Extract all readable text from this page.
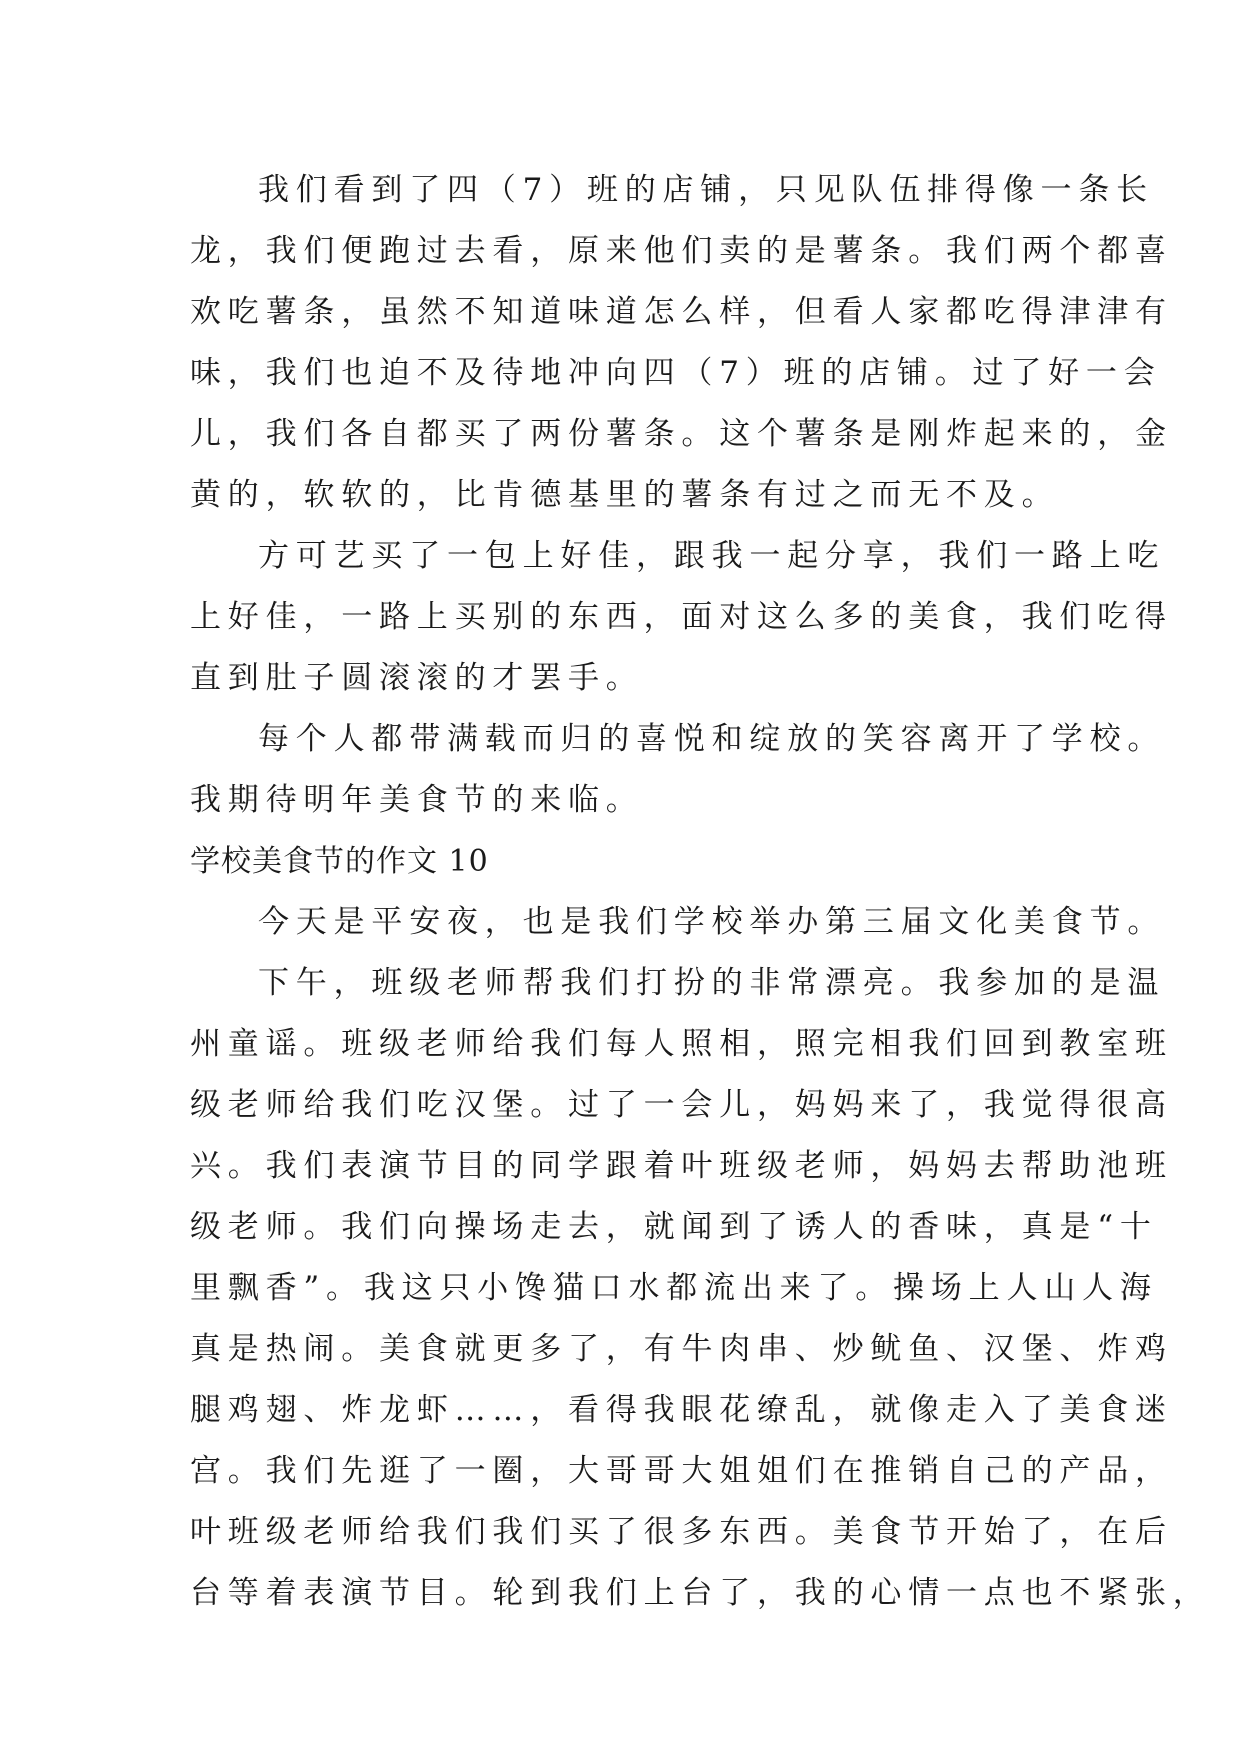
我们看到了四（7）班的店铺，只见队伍排得像一条长
龙，我们便跑过去看，原来他们卖的是薯条。我们两个都喜
欢吃薯条，虽然不知道味道怎么样，但看人家都吃得津津有
味，我们也迫不及待地冲向四（7）班的店铺。过了好一会
儿，我们各自都买了两份薯条。这个薯条是刚炸起来的，金
黄的，软软的，比肯德基里的薯条有过之而无不及。
方可艺买了一包上好佳，跟我一起分享，我们一路上吃
上好佳，一路上买别的东西，面对这么多的美食，我们吃得
直到肚子圆滚滚的才罢手。
每个人都带满载而归的喜悦和绽放的笑容离开了学校。
我期待明年美食节的来临。
学校美食节的作文 10
今天是平安夜，也是我们学校举办第三届文化美食节。
下午，班级老师帮我们打扮的非常漂亮。我参加的是温
州童谣。班级老师给我们每人照相，照完相我们回到教室班
级老师给我们吃汉堡。过了一会儿，妈妈来了，我觉得很高
兴。我们表演节目的同学跟着叶班级老师，妈妈去帮助池班
级老师。我们向操场走去，就闻到了诱人的香味，真是“十
里飘香”。我这只小馋猫口水都流出来了。操场上人山人海
真是热闹。美食就更多了，有牛肉串、炒鱿鱼、汉堡、炸鸡
腿鸡翅、炸龙虾……，看得我眼花缭乱，就像走入了美食迷
宫。我们先逛了一圈，大哥哥大姐姐们在推销自己的产品，
叶班级老师给我们我们买了很多东西。美食节开始了，在后
台等着表演节目。轮到我们上台了，我的心情一点也不紧张，
